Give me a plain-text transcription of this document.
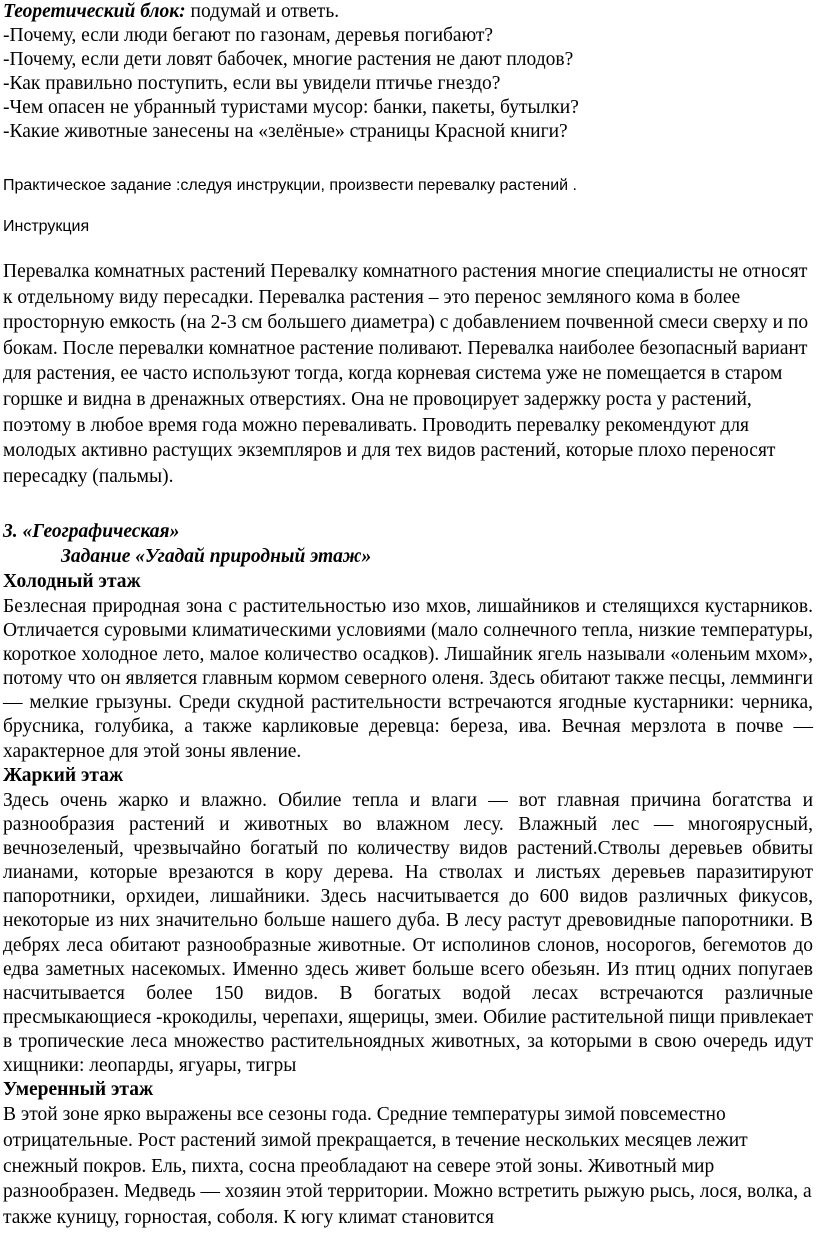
Теоретический блок: подумай и ответь.

-Почему, если люди бегают по газонам, деревья погибают?

-Почему, если дети ловят бабочек, многие растения не дают плодов?

-Как правильно поступить, если вы увидели птичье гнездо?

-Чем опасен не убранный туристами мусор: банки, пакеты, бутылки?

-Какие животные занесены на «зелёные» страницы Красной книги?

Практическое задание :следуя инструкции, произвести перевалку растений .

Инструкция

Перевалка комнатных растений Перевалку комнатного растения многие специалисты не относят к отдельному виду пересадки. Перевалка растения – это перенос земляного кома в более просторную емкость (на 2-3 см большего диаметра) с добавлением почвенной смеси сверху и по бокам. После перевалки комнатное растение поливают. Перевалка наиболее безопасный вариант для растения, ее часто используют тогда, когда корневая система уже не помещается в старом горшке и видна в дренажных отверстиях. Она не провоцирует задержку роста у растений, поэтому в любое время года можно переваливать. Проводить перевалку рекомендуют для молодых активно растущих экземпляров и для тех видов растений, которые плохо переносят пересадку (пальмы).

3. «Географическая»

Задание «Угадай природный этаж»

Холодный этаж

Безлесная природная зона с растительностью изо мхов, лишайников и стелящихся кустарников. Отличается суровыми климатическими условиями (мало солнечного тепла, низкие температуры, короткое холодное лето, малое количество осадков). Лишайник ягель называли «оленьим мхом», потому что он является главным кормом северного оленя. Здесь обитают также песцы, лемминги — мелкие грызуны. Среди скудной растительности встречаются ягодные кустарники: черника, брусника, голубика, а также карликовые деревца: береза, ива. Вечная мерзлота в почве — характерное для этой зоны явление.

Жаркий этаж

Здесь очень жарко и влажно. Обилие тепла и влаги — вот главная причина богатства и разнообразия растений и животных во влажном лесу. Влажный лес — многоярусный, вечнозеленый, чрезвычайно богатый по количеству видов растений.Стволы деревьев обвиты лианами, которые врезаются в кору дерева. На стволах и листьях деревьев паразитируют папоротники, орхидеи, лишайники. Здесь насчитывается до 600 видов различных фикусов, некоторые из них значительно больше нашего дуба. В лесу растут древовидные папоротники. В дебрях леса обитают разнообразные животные. От исполинов слонов, носорогов, бегемотов до едва заметных насекомых. Именно здесь живет больше всего обезьян. Из птиц одних попугаев насчитывается более 150 видов. В богатых водой лесах встречаются различные пресмыкающиеся -крокодилы, черепахи, ящерицы, змеи. Обилие растительной пищи привлекает в тропические леса множество растительноядных животных, за которыми в свою очередь идут хищники: леопарды, ягуары, тигры

Умеренный этаж

В этой зоне ярко выражены все сезоны года. Средние температуры зимой повсеместно отрицательные. Рост растений зимой прекращается, в течение нескольких месяцев лежит снежный покров. Ель, пихта, сосна преобладают на севере этой зоны. Животный мир разнообразен. Медведь — хозяин этой территории. Можно встретить рыжую рысь, лося, волка, а также куницу, горностая, соболя. К югу климат становится
